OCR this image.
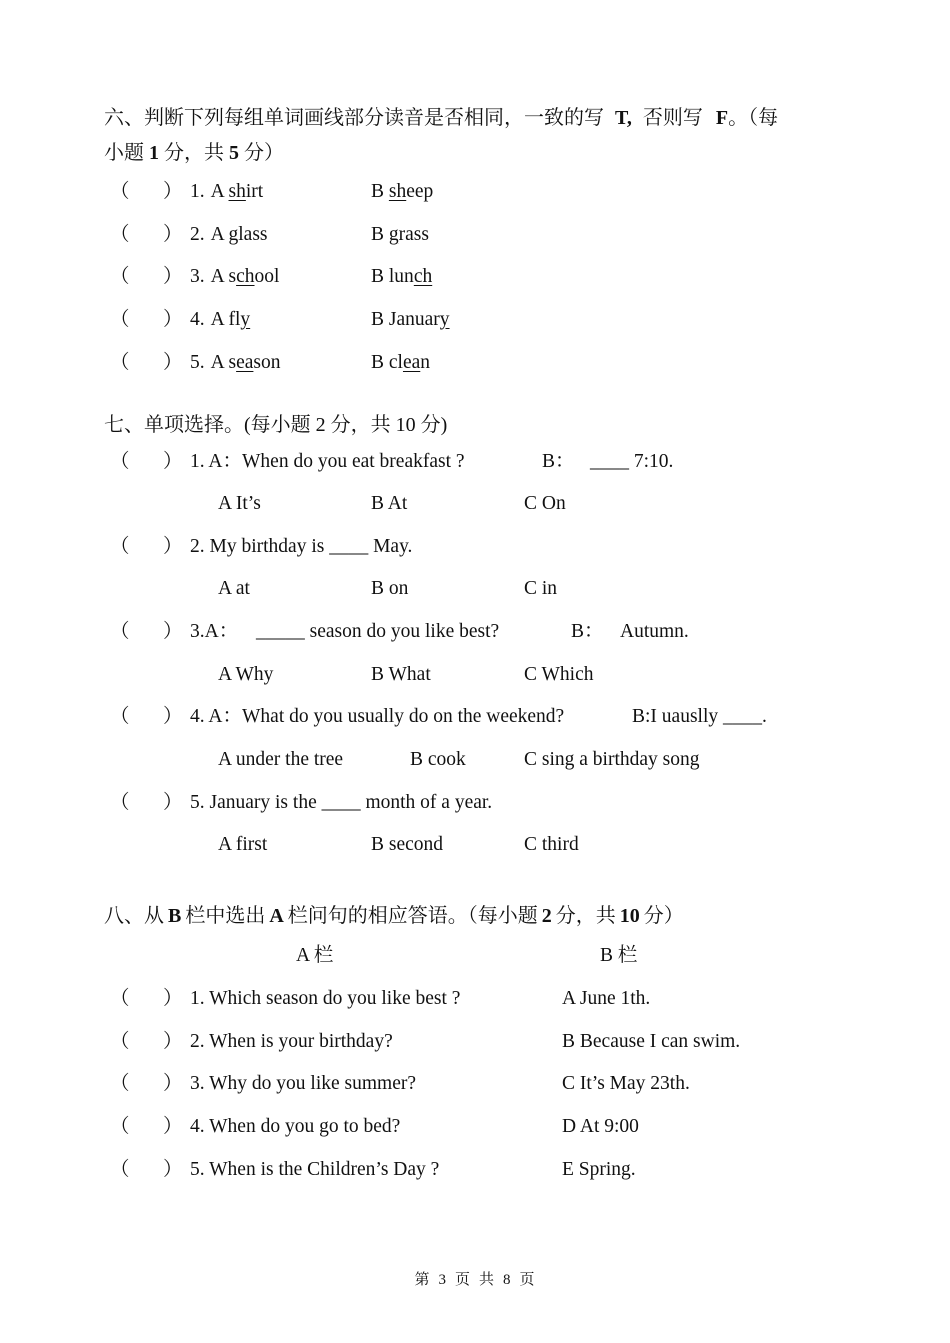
六、判断下列每组单词画线部分读音是否相同，一致的写 T, 否则写 F。（每
小题 1 分，共 5 分）
（ ） 1. A shirt	B sheep
（ ） 2. A glass	B grass
（ ） 3. A school	B lunch
（ ） 4. A fly	B January
（ ） 5. A season	B clean
七、单项选择。(每小题 2 分，共 10 分)
（ ） 1. A：When do you eat breakfast ?	B： ____ 7:10.
A It’s	B At	C On
（ ） 2. My birthday is ____ May.
A at	B on	C in
（ ） 3.A： _____ season do you like best?	B： Autumn.
A Why	B What	C Which
（ ） 4. A：What do you usually do on the weekend?	B:I uauslly ____.
A under the tree	B cook	C sing a birthday song
（ ） 5. January is the ____ month of a year.
A first	B second	C third
八、从 B 栏中选出 A 栏问句的相应答语。（每小题 2 分，共 10 分）
A 栏	B 栏
（ ） 1. Which season do you like best ?	A June 1th.
（ ） 2. When is your birthday?	B Because I can swim.
（ ） 3. Why do you like summer?	C It’s May 23th.
（ ） 4. When do you go to bed?	D At 9:00
（ ） 5. When is the Children’s Day ?	E Spring.
第 3 页 共 8 页
